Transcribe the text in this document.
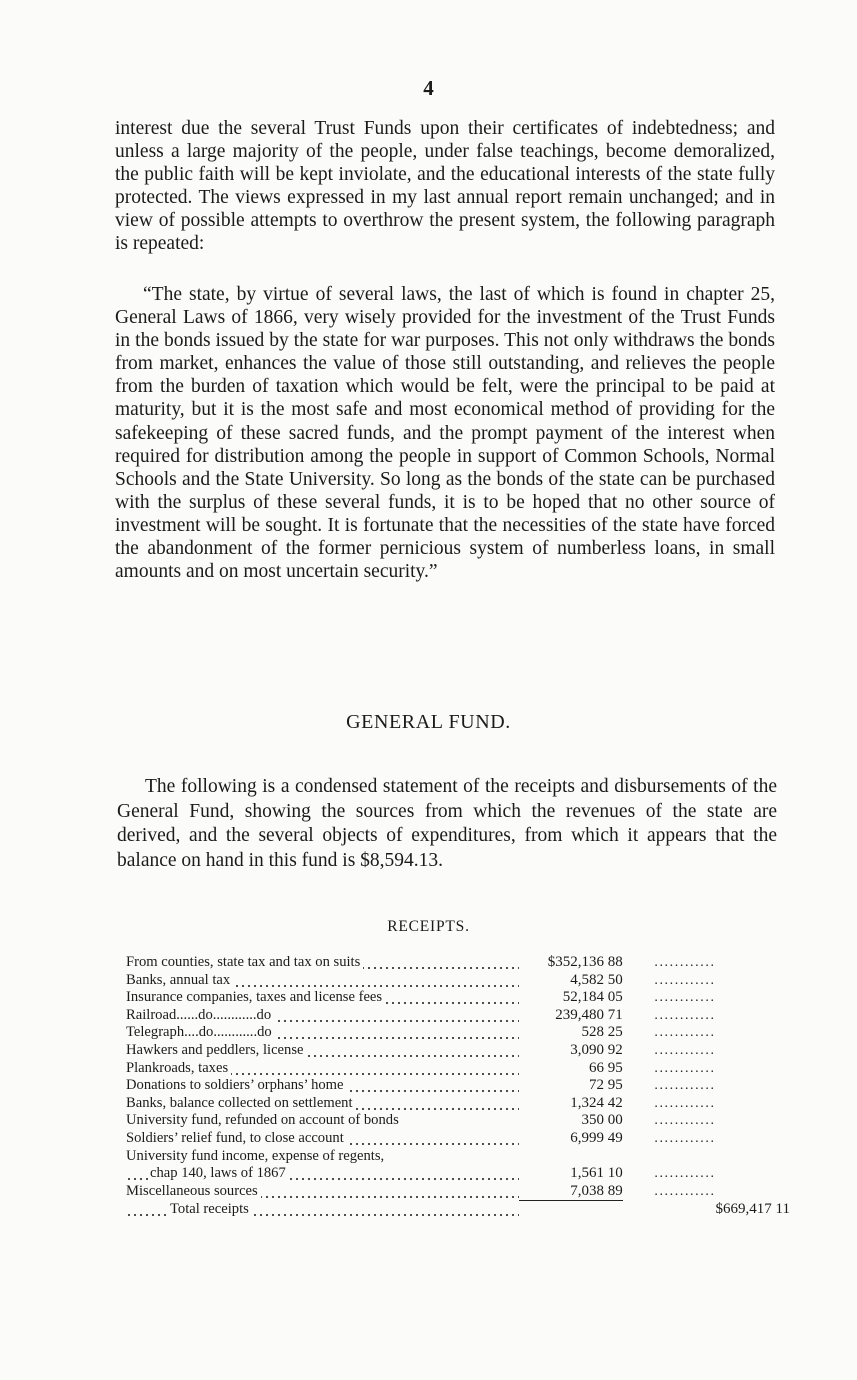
4

interest due the several Trust Funds upon their certificates of indebtedness; and unless a large majority of the people, under false teachings, become demoralized, the public faith will be kept inviolate, and the educational interests of the state fully protected. The views expressed in my last annual report remain unchanged; and in view of possible attempts to overthrow the present system, the following paragraph is repeated:

“The state, by virtue of several laws, the last of which is found in chapter 25, General Laws of 1866, very wisely provided for the investment of the Trust Funds in the bonds issued by the state for war purposes. This not only withdraws the bonds from market, enhances the value of those still outstanding, and relieves the people from the burden of taxation which would be felt, were the principal to be paid at maturity, but it is the most safe and most economical method of providing for the safekeeping of these sacred funds, and the prompt payment of the interest when required for distribution among the people in support of Common Schools, Normal Schools and the State University. So long as the bonds of the state can be purchased with the surplus of these several funds, it is to be hoped that no other source of investment will be sought. It is fortunate that the necessities of the state have forced the abandonment of the former pernicious system of numberless loans, in small amounts and on most uncertain security.”

GENERAL FUND.

The following is a condensed statement of the receipts and disbursements of the General Fund, showing the sources from which the revenues of the state are derived, and the several objects of expenditures, from which it appears that the balance on hand in this fund is $8,594.13.

RECEIPTS.
From counties, state tax and tax on suits	$352,136 88	............	
Banks, annual tax	4,582 50	............	
Insurance companies, taxes and license fees	52,184 05	............	
Railroad......do............do	239,480 71	............	
Telegraph....do............do	528 25	............	
Hawkers and peddlers, license	3,090 92	............	
Plankroads, taxes	66 95	............	
Donations to soldiers’ orphans’ home	72 95	............	
Banks, balance collected on settlement	1,324 42	............	
University fund, refunded on account of bonds	350 00	............	
Soldiers’ relief fund, to close account	6,999 49	............	
University fund income, expense of regents,			
chap 140, laws of 1867	1,561 10	............	
Miscellaneous sources	7,038 89	............	
Total receipts			$669,417 11
